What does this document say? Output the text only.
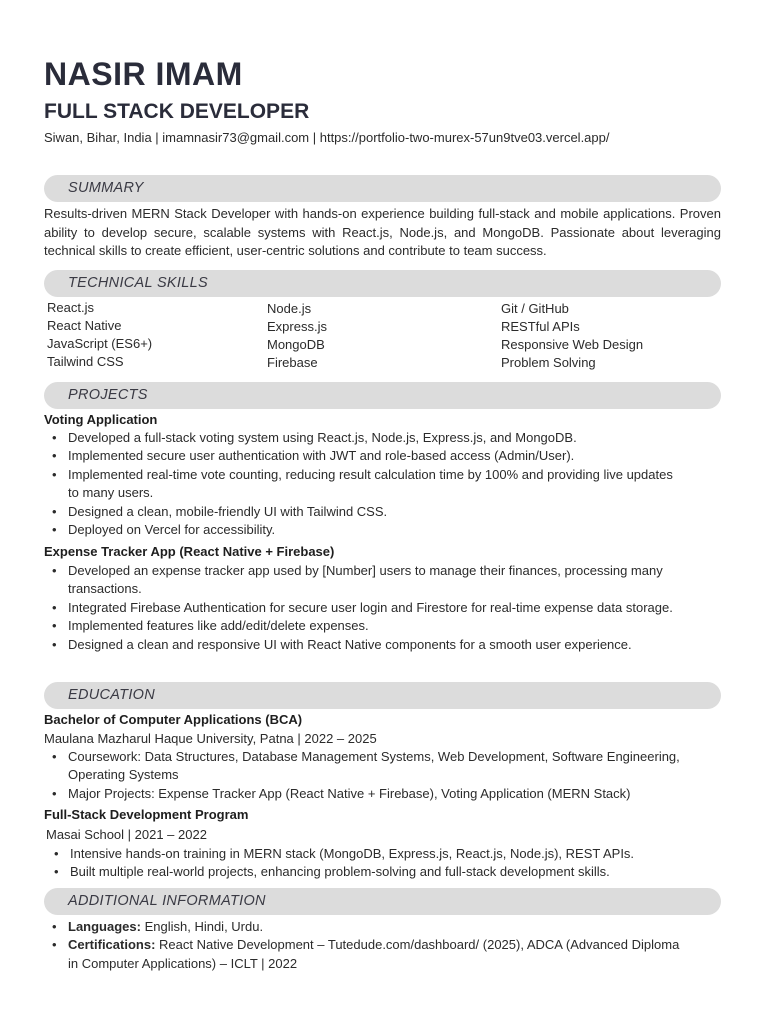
NASIR IMAM
FULL STACK DEVELOPER
Siwan, Bihar, India | imamnasir73@gmail.com | https://portfolio-two-murex-57un9tve03.vercel.app/
SUMMARY
Results-driven MERN Stack Developer with hands-on experience building full-stack and mobile applications. Proven ability to develop secure, scalable systems with React.js, Node.js, and MongoDB. Passionate about leveraging technical skills to create efficient, user-centric solutions and contribute to team success.
TECHNICAL SKILLS
React.js
React Native
JavaScript (ES6+)
Tailwind CSS
Node.js
Express.js
MongoDB
Firebase
Git / GitHub
RESTful APIs
Responsive Web Design
Problem Solving
PROJECTS
Voting Application
• Developed a full-stack voting system using React.js, Node.js, Express.js, and MongoDB.
• Implemented secure user authentication with JWT and role-based access (Admin/User).
• Implemented real-time vote counting, reducing result calculation time by 100% and providing live updates to many users.
• Designed a clean, mobile-friendly UI with Tailwind CSS.
• Deployed on Vercel for accessibility.
Expense Tracker App (React Native + Firebase)
• Developed an expense tracker app used by [Number] users to manage their finances, processing many transactions.
• Integrated Firebase Authentication for secure user login and Firestore for real-time expense data storage.
• Implemented features like add/edit/delete expenses.
• Designed a clean and responsive UI with React Native components for a smooth user experience.
EDUCATION
Bachelor of Computer Applications (BCA)
Maulana Mazharul Haque University, Patna | 2022 – 2025
• Coursework: Data Structures, Database Management Systems, Web Development, Software Engineering, Operating Systems
• Major Projects: Expense Tracker App (React Native + Firebase), Voting Application (MERN Stack)
Full-Stack Development Program
Masai School | 2021 – 2022
• Intensive hands-on training in MERN stack (MongoDB, Express.js, React.js, Node.js), REST APIs.
• Built multiple real-world projects, enhancing problem-solving and full-stack development skills.
ADDITIONAL INFORMATION
• Languages: English, Hindi, Urdu.
• Certifications: React Native Development – Tutedude.com/dashboard/ (2025), ADCA (Advanced Diploma in Computer Applications) – ICLT | 2022
